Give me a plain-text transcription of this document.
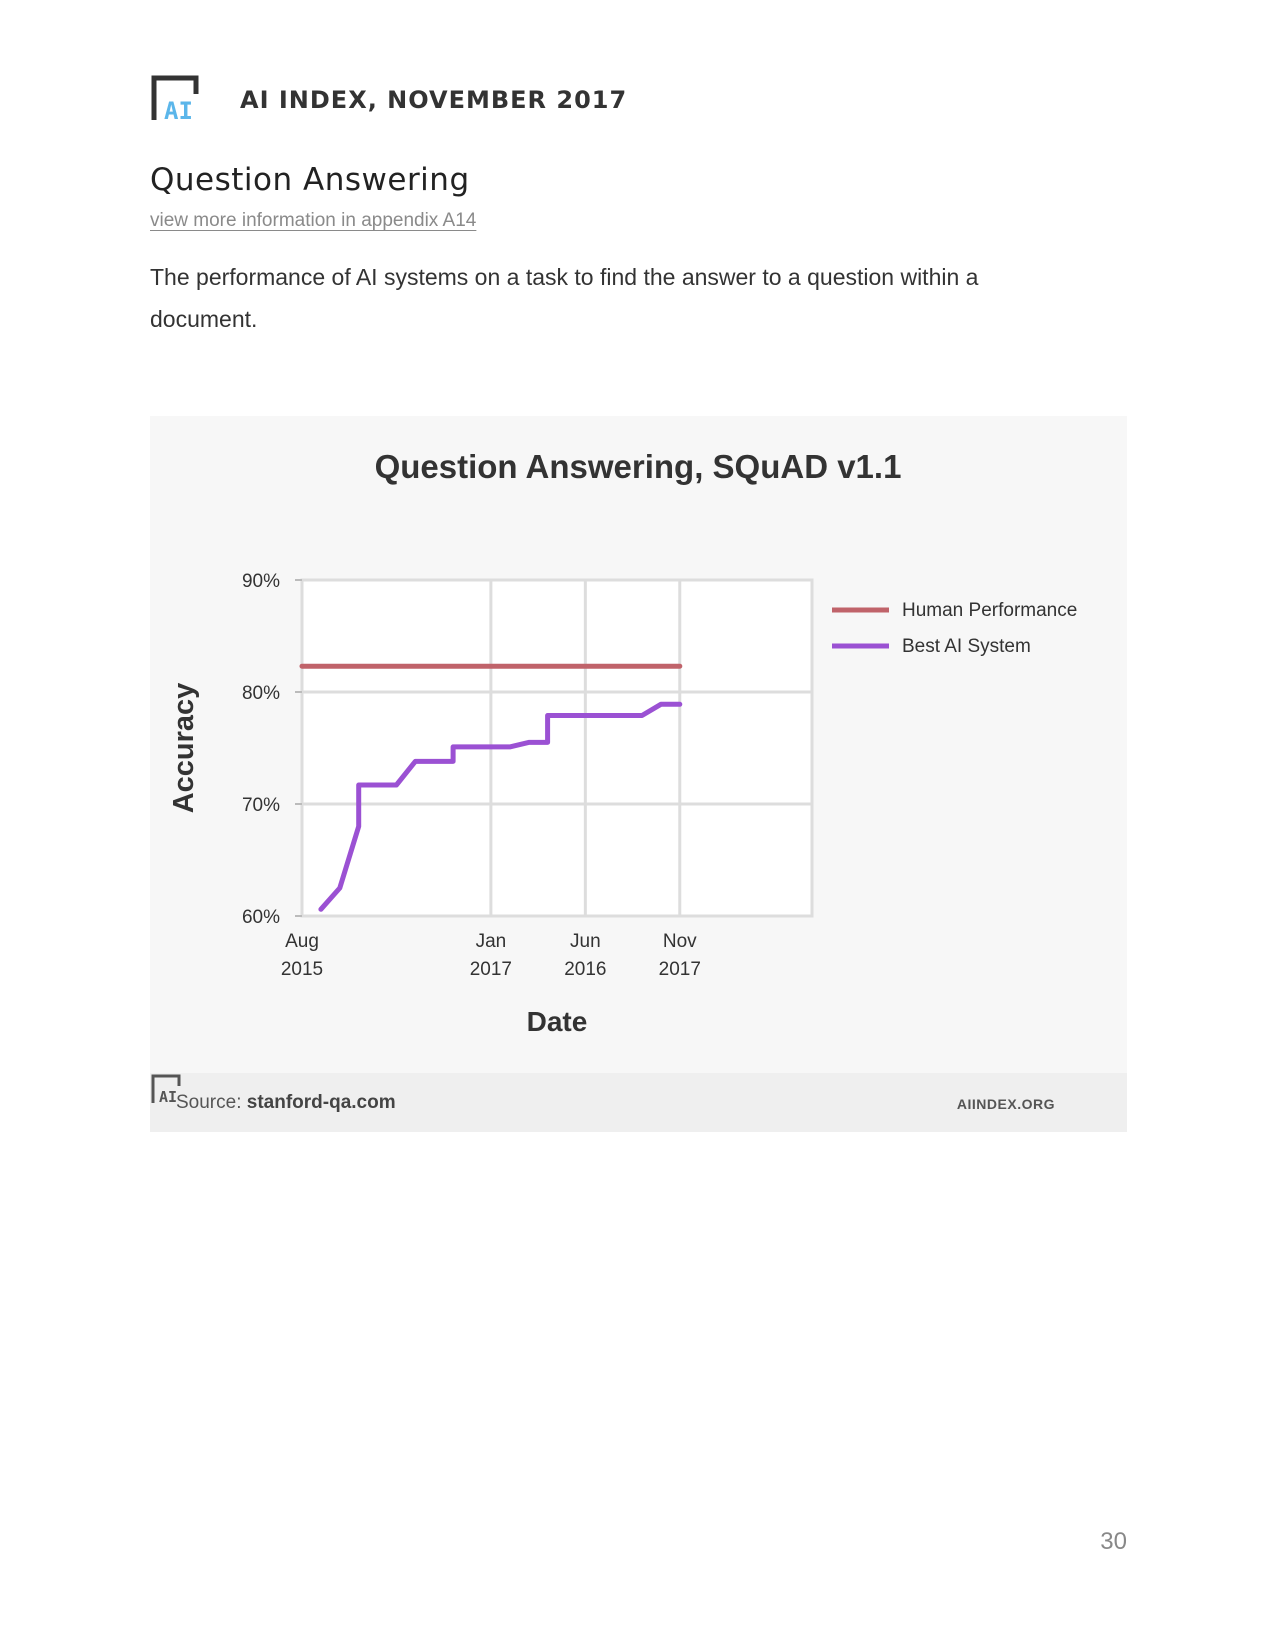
AI AI INDEX, NOVEMBER 2017
Question Answering
view more information in appendix A14
The performance of AI systems on a task to find the answer to a question within a document.
Question Answering, SQuAD v1.1
60%
70%
80%
90%
Aug
2015
Jan
2017
Jun
2016
Nov
2017
Accuracy
Date
Human Performance
Best AI System
Source: stanford-qa.com	AIINDEX.ORG
AI
30
